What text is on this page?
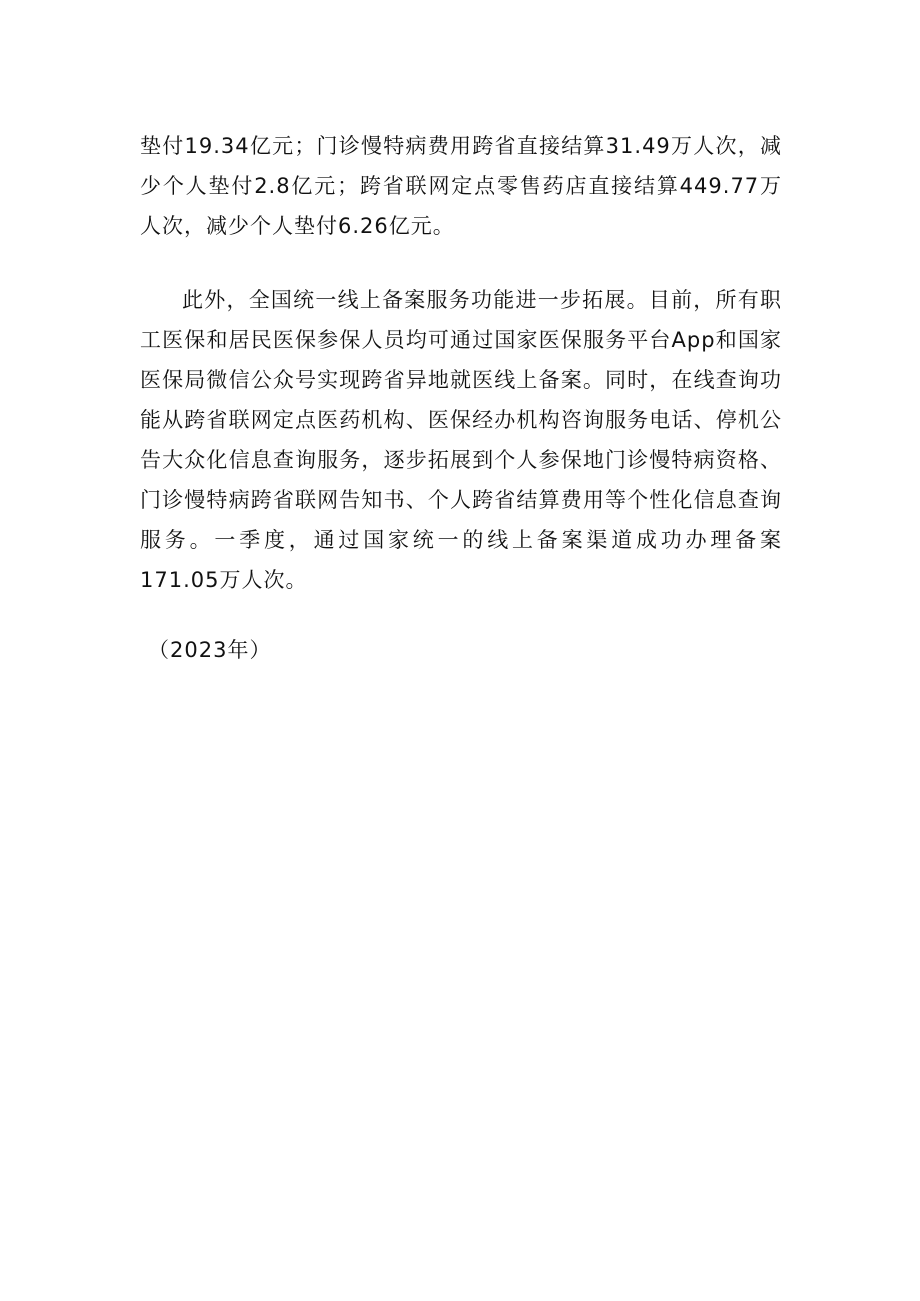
垫付19.34亿元；门诊慢特病费用跨省直接结算31.49万人次，减少个人垫付2.8亿元；跨省联网定点零售药店直接结算449.77万人次，减少个人垫付6.26亿元。

此外，全国统一线上备案服务功能进一步拓展。目前，所有职工医保和居民医保参保人员均可通过国家医保服务平台App和国家医保局微信公众号实现跨省异地就医线上备案。同时，在线查询功能从跨省联网定点医药机构、医保经办机构咨询服务电话、停机公告大众化信息查询服务，逐步拓展到个人参保地门诊慢特病资格、门诊慢特病跨省联网告知书、个人跨省结算费用等个性化信息查询服务。一季度，通过国家统一的线上备案渠道成功办理备案171.05万人次。

（2023年）
